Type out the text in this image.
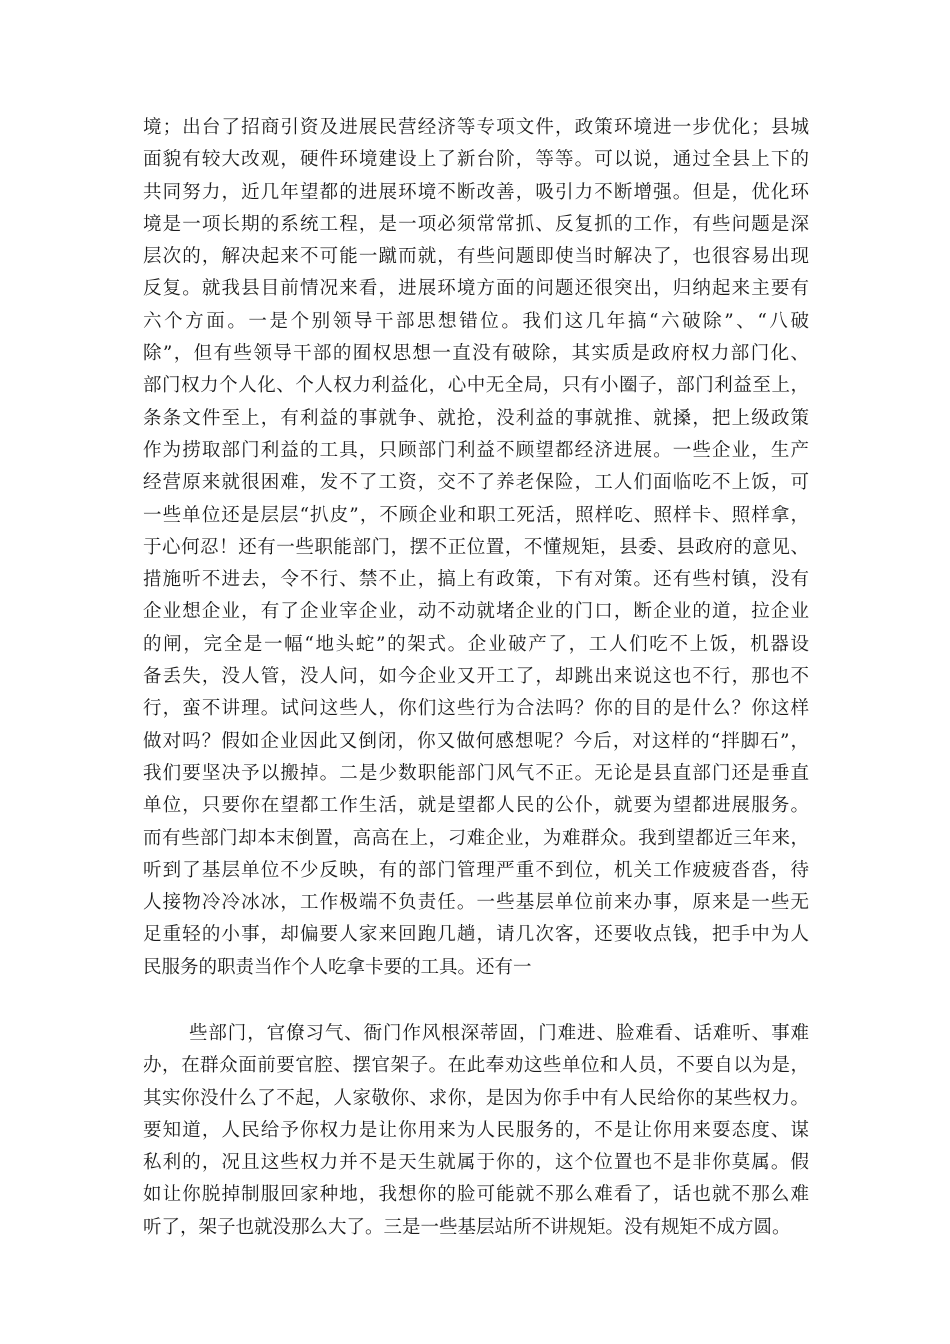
境；出台了招商引资及进展民营经济等专项文件，政策环境进一步优化；县城
面貌有较大改观，硬件环境建设上了新台阶，等等。可以说，通过全县上下的
共同努力，近几年望都的进展环境不断改善，吸引力不断增强。但是，优化环
境是一项长期的系统工程，是一项必须常常抓、反复抓的工作，有些问题是深
层次的，解决起来不可能一蹴而就，有些问题即使当时解决了，也很容易出现
反复。就我县目前情况来看，进展环境方面的问题还很突出，归纳起来主要有
六个方面。一是个别领导干部思想错位。我们这几年搞“六破除”、“八破
除”，但有些领导干部的囿权思想一直没有破除，其实质是政府权力部门化、
部门权力个人化、个人权力利益化，心中无全局，只有小圈子，部门利益至上，
条条文件至上，有利益的事就争、就抢，没利益的事就推、就搡，把上级政策
作为捞取部门利益的工具，只顾部门利益不顾望都经济进展。一些企业，生产
经营原来就很困难，发不了工资，交不了养老保险，工人们面临吃不上饭，可
一些单位还是层层“扒皮”，不顾企业和职工死活，照样吃、照样卡、照样拿，
于心何忍！还有一些职能部门，摆不正位置，不懂规矩，县委、县政府的意见、
措施听不进去，令不行、禁不止，搞上有政策，下有对策。还有些村镇，没有
企业想企业，有了企业宰企业，动不动就堵企业的门口，断企业的道，拉企业
的闸，完全是一幅“地头蛇”的架式。企业破产了，工人们吃不上饭，机器设
备丢失，没人管，没人问，如今企业又开工了，却跳出来说这也不行，那也不
行，蛮不讲理。试问这些人，你们这些行为合法吗？你的目的是什么？你这样
做对吗？假如企业因此又倒闭，你又做何感想呢？今后，对这样的“拌脚石”，
我们要坚决予以搬掉。二是少数职能部门风气不正。无论是县直部门还是垂直
单位，只要你在望都工作生活，就是望都人民的公仆，就要为望都进展服务。
而有些部门却本末倒置，高高在上，刁难企业，为难群众。我到望都近三年来，
听到了基层单位不少反映，有的部门管理严重不到位，机关工作疲疲沓沓，待
人接物冷冷冰冰，工作极端不负责任。一些基层单位前来办事，原来是一些无
足重轻的小事，却偏要人家来回跑几趟，请几次客，还要收点钱，把手中为人
民服务的职责当作个人吃拿卡要的工具。还有一
些部门，官僚习气、衙门作风根深蒂固，门难进、脸难看、话难听、事难
办，在群众面前要官腔、摆官架子。在此奉劝这些单位和人员，不要自以为是，
其实你没什么了不起，人家敬你、求你，是因为你手中有人民给你的某些权力。
要知道，人民给予你权力是让你用来为人民服务的，不是让你用来耍态度、谋
私利的，况且这些权力并不是天生就属于你的，这个位置也不是非你莫属。假
如让你脱掉制服回家种地，我想你的脸可能就不那么难看了，话也就不那么难
听了，架子也就没那么大了。三是一些基层站所不讲规矩。没有规矩不成方圆。
